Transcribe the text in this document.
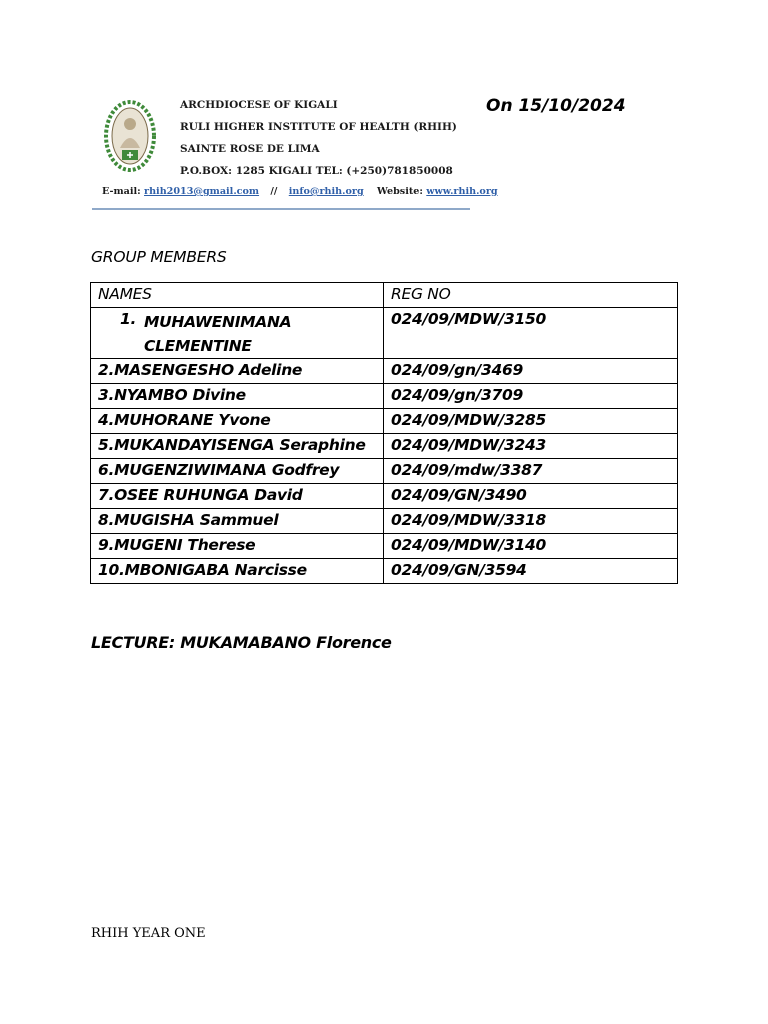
ARCHDIOCESE OF KIGALI
RULI HIGHER INSTITUTE OF HEALTH (RHIH)
SAINTE ROSE DE LIMA
P.O.BOX: 1285 KIGALI TEL: (+250)781850008
E-mail: rhih2013@gmail.com // info@rhih.org Website: www.rhih.org
On 15/10/2024
GROUP MEMBERS
NAMES	REG NO

1. MUHAWENIMANA CLEMENTINE	024/09/MDW/3150
2.MASENGESHO Adeline	024/09/gn/3469
3.NYAMBO Divine	024/09/gn/3709
4.MUHORANE Yvone	024/09/MDW/3285
5.MUKANDAYISENGA Seraphine	024/09/MDW/3243
6.MUGENZIWIMANA Godfrey	024/09/mdw/3387
7.OSEE RUHUNGA David	024/09/GN/3490
8.MUGISHA Sammuel	024/09/MDW/3318
9.MUGENI Therese	024/09/MDW/3140
10.MBONIGABA Narcisse	024/09/GN/3594
LECTURE: MUKAMABANO Florence
RHIH YEAR ONE
